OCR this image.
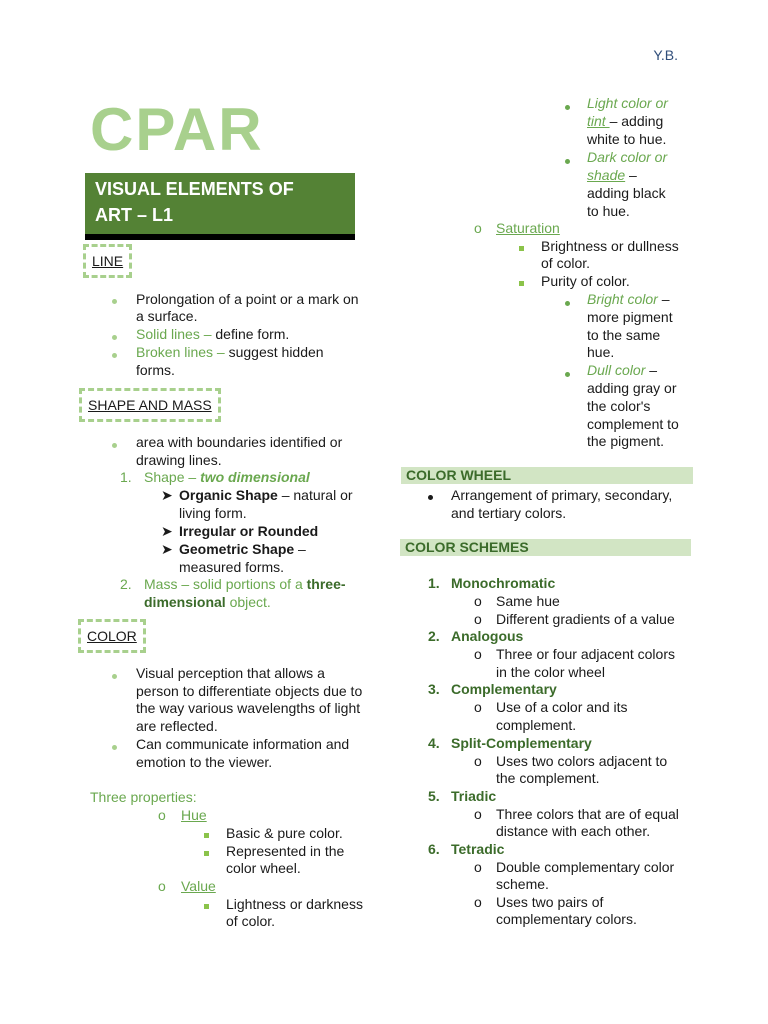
Y.B.
CPAR
VISUAL ELEMENTS OF
ART – L1
LINE
Prolongation of a point or a mark on
a surface.
Solid lines – define form.
Broken lines – suggest hidden
forms.
SHAPE AND MASS
area with boundaries identified or
drawing lines.
1. Shape – two dimensional
➤ Organic Shape – natural or
living form.
➤ Irregular or Rounded
➤ Geometric Shape –
measured forms.
2. Mass – solid portions of a three-
dimensional object.
COLOR
Visual perception that allows a
person to differentiate objects due to
the way various wavelengths of light
are reflected.
Can communicate information and
emotion to the viewer.
Three properties:
o Hue
Basic & pure color.
Represented in the
color wheel.
o Value
Lightness or darkness
of color.
Light color or
tint – adding
white to hue.
Dark color or
shade –
adding black
to hue.
o Saturation
Brightness or dullness
of color.
Purity of color.
Bright color –
more pigment
to the same
hue.
Dull color –
adding gray or
the color's
complement to
the pigment.
COLOR WHEEL
Arrangement of primary, secondary,
and tertiary colors.
COLOR SCHEMES
1. Monochromatic
o Same hue
o Different gradients of a value
2. Analogous
o Three or four adjacent colors
in the color wheel
3. Complementary
o Use of a color and its
complement.
4. Split-Complementary
o Uses two colors adjacent to
the complement.
5. Triadic
o Three colors that are of equal
distance with each other.
6. Tetradic
o Double complementary color
scheme.
o Uses two pairs of
complementary colors.
